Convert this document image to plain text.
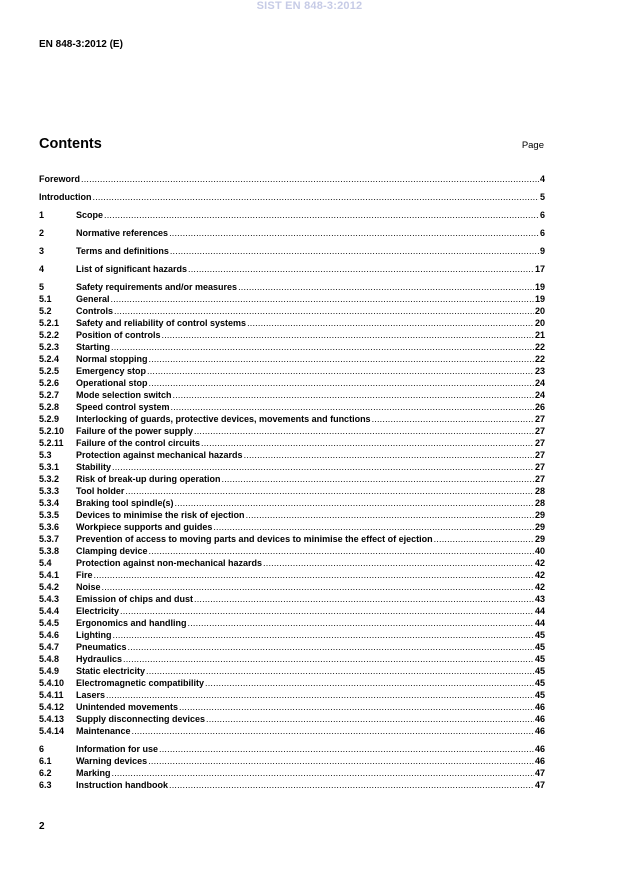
SIST EN 848-3:2012
EN 848-3:2012 (E)
Contents	Page
Foreword .....	4
Introduction .....	5
1	Scope .....	6
2	Normative references .....	6
3	Terms and definitions .....	9
4	List of significant hazards .....	17
5	Safety requirements and/or measures .....	19
5.1	General .....	19
5.2	Controls .....	20
5.2.1	Safety and reliability of control systems .....	20
5.2.2	Position of controls .....	21
5.2.3	Starting .....	22
5.2.4	Normal stopping .....	22
5.2.5	Emergency stop .....	23
5.2.6	Operational stop .....	24
5.2.7	Mode selection switch .....	24
5.2.8	Speed control system .....	26
5.2.9	Interlocking of guards, protective devices, movements and functions .....	27
5.2.10	Failure of the power supply .....	27
5.2.11	Failure of the control circuits .....	27
5.3	Protection against mechanical hazards .....	27
5.3.1	Stability .....	27
5.3.2	Risk of break-up during operation .....	27
5.3.3	Tool holder .....	28
5.3.4	Braking tool spindle(s) .....	28
5.3.5	Devices to minimise the risk of ejection .....	29
5.3.6	Workpiece supports and guides .....	29
5.3.7	Prevention of access to moving parts and devices to minimise the effect of ejection .....	29
5.3.8	Clamping device .....	40
5.4	Protection against non-mechanical hazards .....	42
5.4.1	Fire .....	42
5.4.2	Noise .....	42
5.4.3	Emission of chips and dust .....	43
5.4.4	Electricity .....	44
5.4.5	Ergonomics and handling .....	44
5.4.6	Lighting .....	45
5.4.7	Pneumatics .....	45
5.4.8	Hydraulics .....	45
5.4.9	Static electricity .....	45
5.4.10	Electromagnetic compatibility .....	45
5.4.11	Lasers .....	45
5.4.12	Unintended movements .....	46
5.4.13	Supply disconnecting devices .....	46
5.4.14	Maintenance .....	46
6	Information for use .....	46
6.1	Warning devices .....	46
6.2	Marking .....	47
6.3	Instruction handbook .....	47
2
